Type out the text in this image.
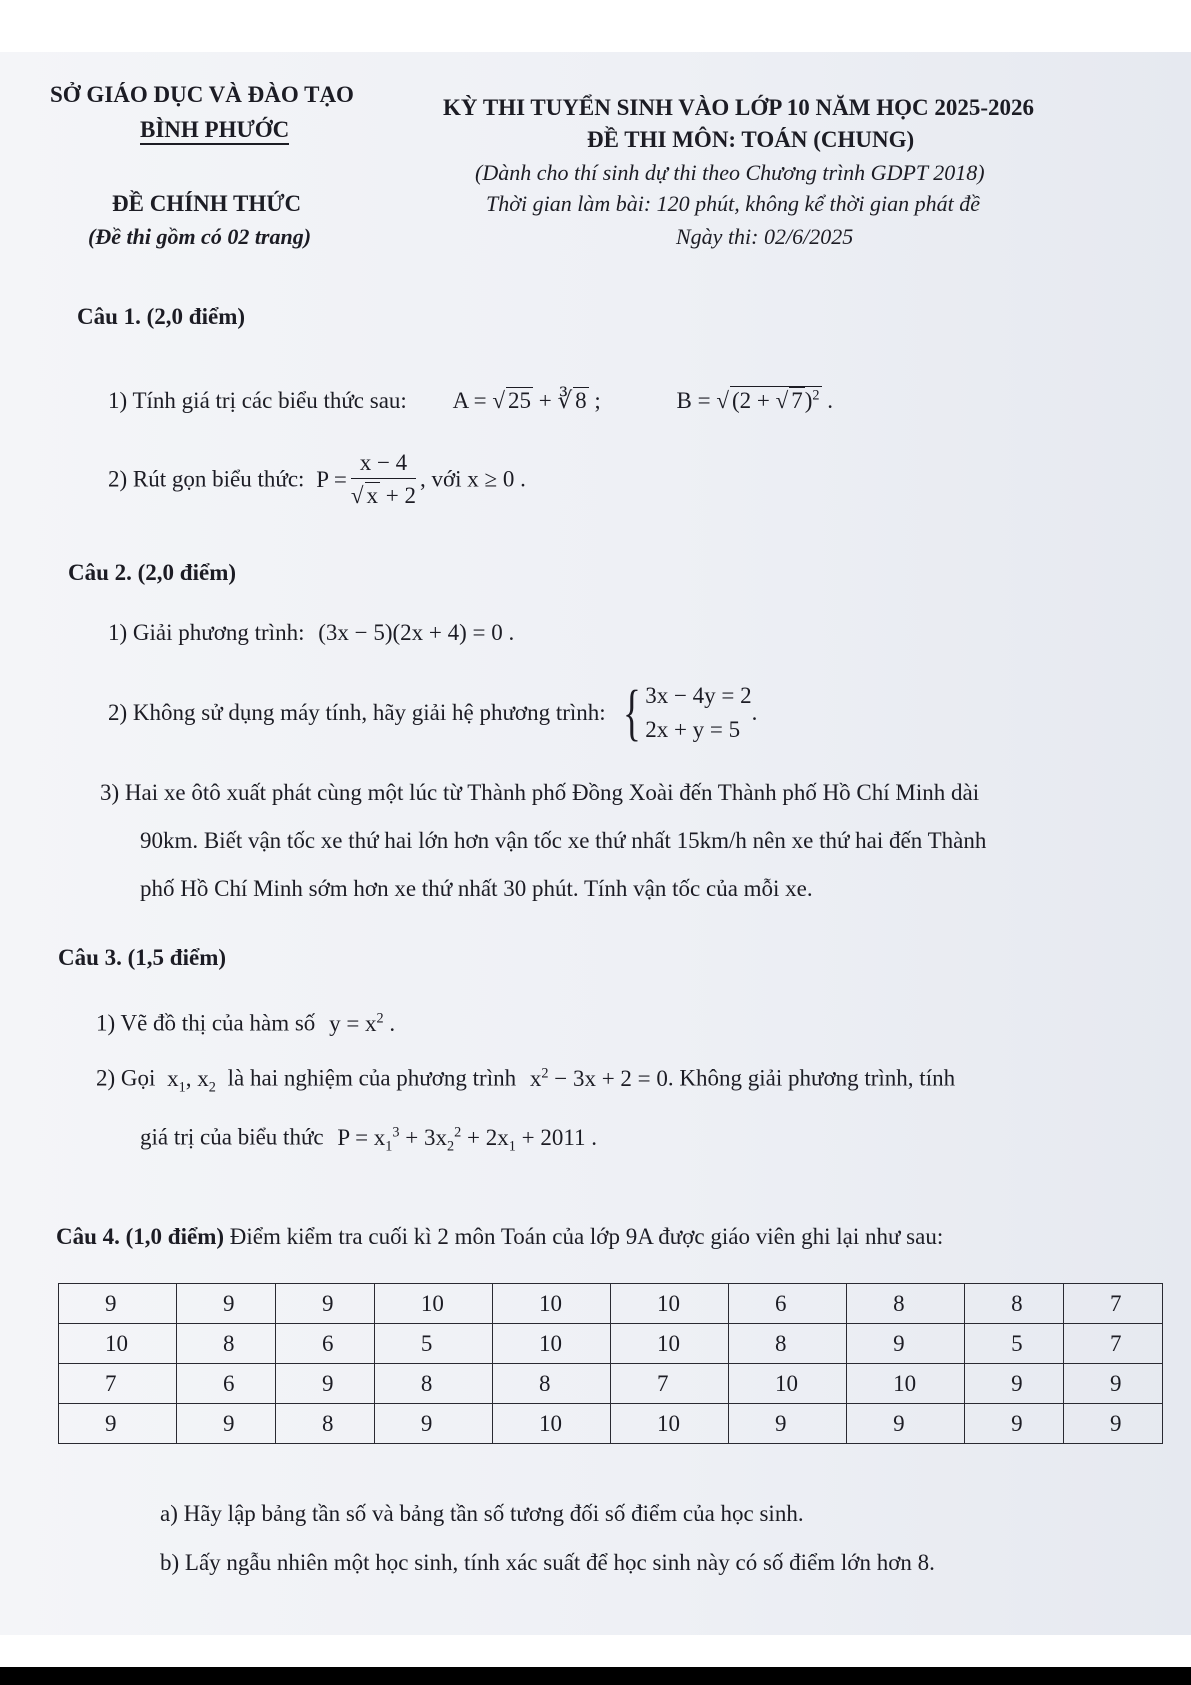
SỞ GIÁO DỤC VÀ ĐÀO TẠO
BÌNH PHƯỚC
KỲ THI TUYỂN SINH VÀO LỚP 10 NĂM HỌC 2025-2026
ĐỀ THI MÔN: TOÁN (CHUNG)
(Dành cho thí sinh dự thi theo Chương trình GDPT 2018)
ĐỀ CHÍNH THỨC	Thời gian làm bài: 120 phút, không kể thời gian phát đề
(Đề thi gồm có 02 trang)	Ngày thi: 02/6/2025
Câu 1. (2,0 điểm)
1) Tính giá trị các biểu thức sau: A = √ 25 + ∛ 8 ;	B = √ (2 + √ 7)$^2$ .
2) Rút gọn biểu thức: $P = \frac{x - 4}{√ x + 2}$ , với x ≥ 0 .
Câu 2. (2,0 điểm)
1) Giải phương trình: (3x − 5)(2x + 4) = 0 .
2) Không sử dụng máy tính, hãy giải hệ phương trình: { 3x − 4y = 2
2x + y = 5.
3) Hai xe ôtô xuất phát cùng một lúc từ Thành phố Đồng Xoài đến Thành phố Hồ Chí Minh dài
90km. Biết vận tốc xe thứ hai lớn hơn vận tốc xe thứ nhất 15km/h nên xe thứ hai đến Thành
phố Hồ Chí Minh sớm hơn xe thứ nhất 30 phút. Tính vận tốc của mỗi xe.
Câu 3. (1,5 điểm)
1) Vẽ đồ thị của hàm số $y = x^2$ .
2) Gọi $x_1$, $x_2$ là hai nghiệm của phương trình $x^2 - 3x + 2 = 0$. Không giải phương trình, tính
giá trị của biểu thức $P = x_1^3 + 3x_2^2 + 2x_1 + 2011$ .
Câu 4. (1,0 điểm) Điểm kiểm tra cuối kì 2 môn Toán của lớp 9A được giáo viên ghi lại như sau:
9	9	9	10	10	10	6	8	8	7
10	8	6	5	10	10	8	9	5	7
7	6	9	8	8	7	10	10	9	9
9	9	8	9	10	10	9	9	9	9
a) Hãy lập bảng tần số và bảng tần số tương đối số điểm của học sinh.
b) Lấy ngẫu nhiên một học sinh, tính xác suất để học sinh này có số điểm lớn hơn 8.
